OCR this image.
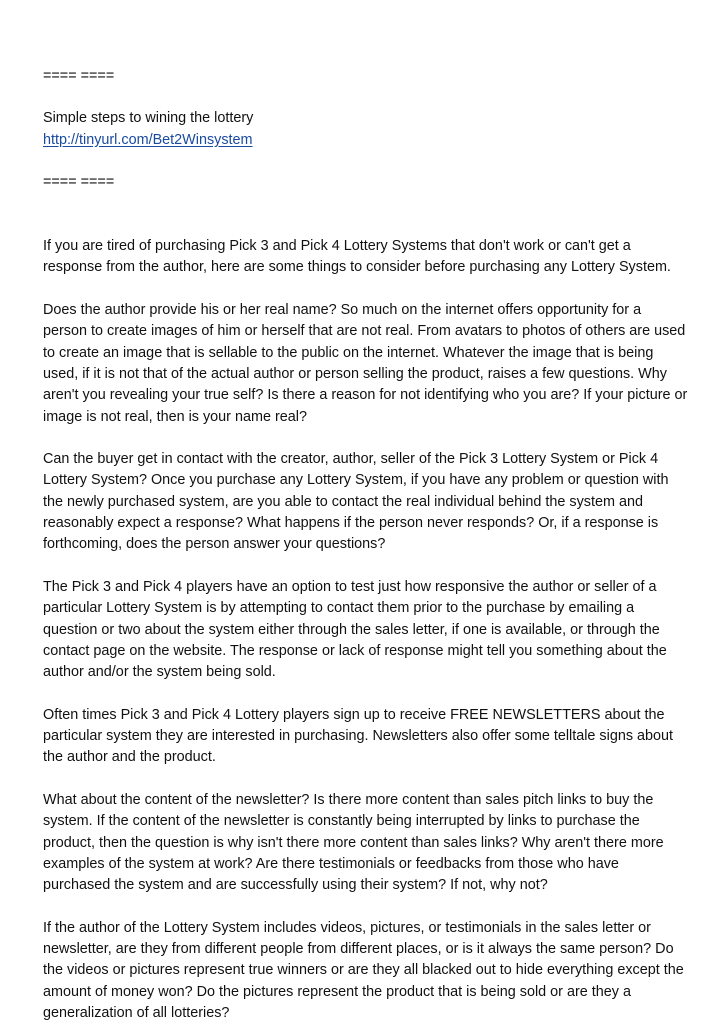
==== ====

Simple steps to wining the lottery

http://tinyurl.com/Bet2Winsystem

==== ====

If you are tired of purchasing Pick 3 and Pick 4 Lottery Systems that don't work or can't get a response from the author, here are some things to consider before purchasing any Lottery System.

Does the author provide his or her real name? So much on the internet offers opportunity for a person to create images of him or herself that are not real. From avatars to photos of others are used to create an image that is sellable to the public on the internet. Whatever the image that is being used, if it is not that of the actual author or person selling the product, raises a few questions. Why aren't you revealing your true self? Is there a reason for not identifying who you are? If your picture or image is not real, then is your name real?

Can the buyer get in contact with the creator, author, seller of the Pick 3 Lottery System or Pick 4 Lottery System? Once you purchase any Lottery System, if you have any problem or question with the newly purchased system, are you able to contact the real individual behind the system and reasonably expect a response? What happens if the person never responds? Or, if a response is forthcoming, does the person answer your questions?

The Pick 3 and Pick 4 players have an option to test just how responsive the author or seller of a particular Lottery System is by attempting to contact them prior to the purchase by emailing a question or two about the system either through the sales letter, if one is available, or through the contact page on the website. The response or lack of response might tell you something about the author and/or the system being sold.

Often times Pick 3 and Pick 4 Lottery players sign up to receive FREE NEWSLETTERS about the particular system they are interested in purchasing. Newsletters also offer some telltale signs about the author and the product.

What about the content of the newsletter? Is there more content than sales pitch links to buy the system. If the content of the newsletter is constantly being interrupted by links to purchase the product, then the question is why isn't there more content than sales links? Why aren't there more examples of the system at work? Are there testimonials or feedbacks from those who have purchased the system and are successfully using their system? If not, why not?

If the author of the Lottery System includes videos, pictures, or testimonials in the sales letter or newsletter, are they from different people from different places, or is it always the same person? Do the videos or pictures represent true winners or are they all blacked out to hide everything except the amount of money won? Do the pictures represent the product that is being sold or are they a generalization of all lotteries?
